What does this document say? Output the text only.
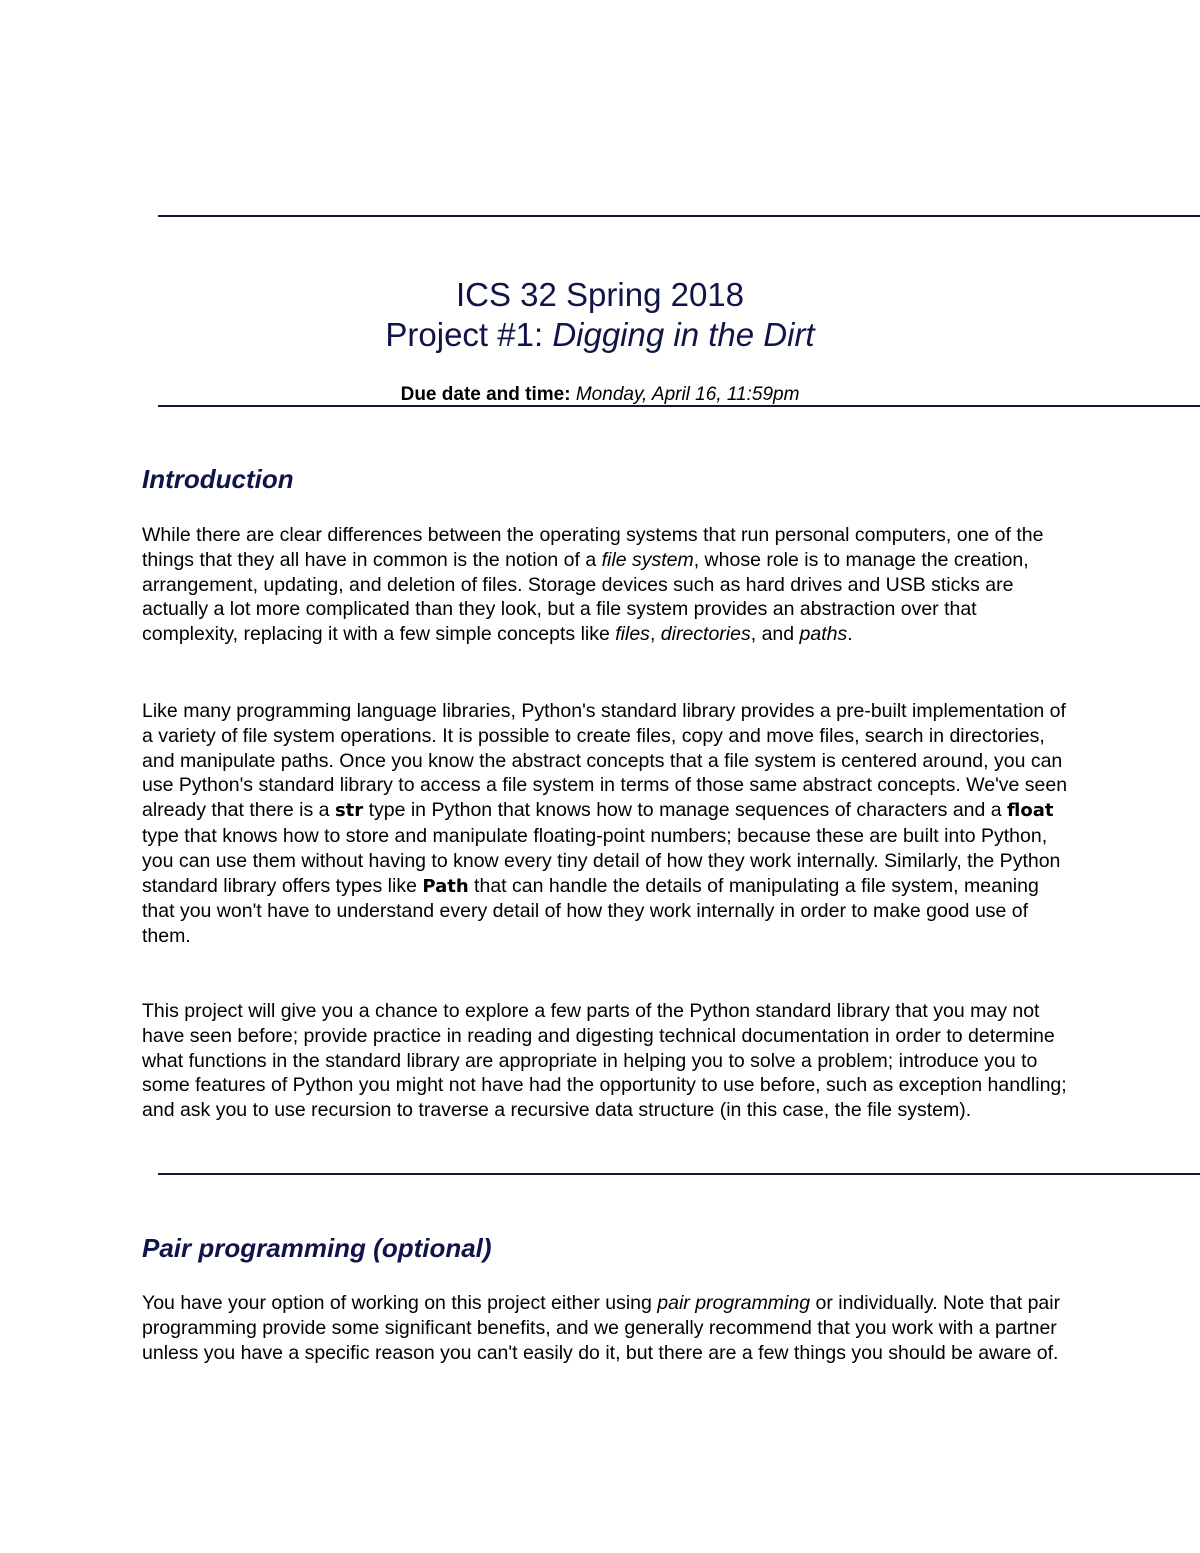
ICS 32 Spring 2018
Project #1: Digging in the Dirt
Due date and time: Monday, April 16, 11:59pm
Introduction

While there are clear differences between the operating systems that run personal computers, one of the things that they all have in common is the notion of a file system, whose role is to manage the creation, arrangement, updating, and deletion of files. Storage devices such as hard drives and USB sticks are actually a lot more complicated than they look, but a file system provides an abstraction over that complexity, replacing it with a few simple concepts like files, directories, and paths.

Like many programming language libraries, Python's standard library provides a pre-built implementation of a variety of file system operations. It is possible to create files, copy and move files, search in directories, and manipulate paths. Once you know the abstract concepts that a file system is centered around, you can use Python's standard library to access a file system in terms of those same abstract concepts. We've seen already that there is a str type in Python that knows how to manage sequences of characters and a float type that knows how to store and manipulate floating-point numbers; because these are built into Python, you can use them without having to know every tiny detail of how they work internally. Similarly, the Python standard library offers types like Path that can handle the details of manipulating a file system, meaning that you won't have to understand every detail of how they work internally in order to make good use of them.

This project will give you a chance to explore a few parts of the Python standard library that you may not have seen before; provide practice in reading and digesting technical documentation in order to determine what functions in the standard library are appropriate in helping you to solve a problem; introduce you to some features of Python you might not have had the opportunity to use before, such as exception handling; and ask you to use recursion to traverse a recursive data structure (in this case, the file system).

Pair programming (optional)

You have your option of working on this project either using pair programming or individually. Note that pair programming provide some significant benefits, and we generally recommend that you work with a partner unless you have a specific reason you can't easily do it, but there are a few things you should be aware of.
